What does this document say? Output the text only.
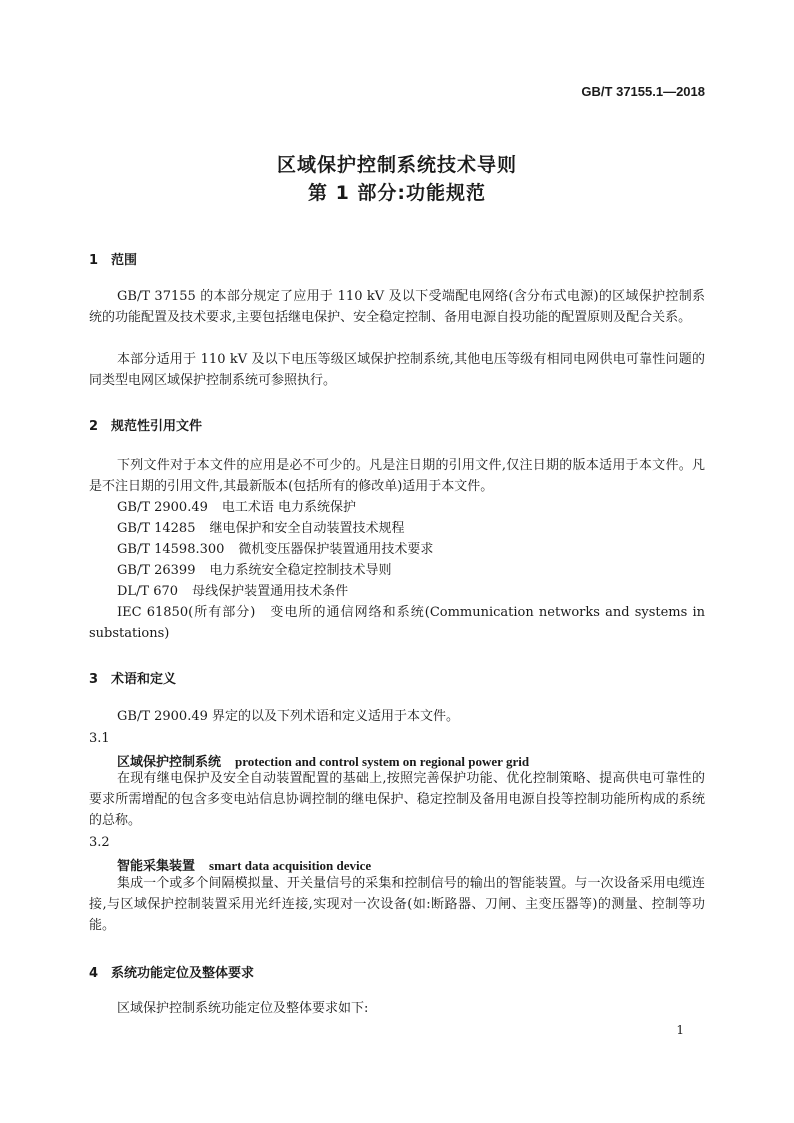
GB/T 37155.1—2018
区域保护控制系统技术导则
第 1 部分:功能规范
1 范围

GB/T 37155 的本部分规定了应用于 110 kV 及以下受端配电网络(含分布式电源)的区域保护控制系统的功能配置及技术要求,主要包括继电保护、安全稳定控制、备用电源自投功能的配置原则及配合关系。

本部分适用于 110 kV 及以下电压等级区域保护控制系统,其他电压等级有相同电网供电可靠性问题的同类型电网区域保护控制系统可参照执行。

2 规范性引用文件

下列文件对于本文件的应用是必不可少的。凡是注日期的引用文件,仅注日期的版本适用于本文件。凡是不注日期的引用文件,其最新版本(包括所有的修改单)适用于本文件。

GB/T 2900.49 电工术语 电力系统保护
GB/T 14285 继电保护和安全自动装置技术规程
GB/T 14598.300 微机变压器保护装置通用技术要求
GB/T 26399 电力系统安全稳定控制技术导则
DL/T 670 母线保护装置通用技术条件

IEC 61850(所有部分)　变电所的通信网络和系统(Communication networks and systems in substations)

3 术语和定义

GB/T 2900.49 界定的以及下列术语和定义适用于本文件。

3.1
区域保护控制系统 protection and control system on regional power grid

在现有继电保护及安全自动装置配置的基础上,按照完善保护功能、优化控制策略、提高供电可靠性的要求所需增配的包含多变电站信息协调控制的继电保护、稳定控制及备用电源自投等控制功能所构成的系统的总称。

3.2
智能采集装置 smart data acquisition device

集成一个或多个间隔模拟量、开关量信号的采集和控制信号的输出的智能装置。与一次设备采用电缆连接,与区域保护控制装置采用光纤连接,实现对一次设备(如:断路器、刀闸、主变压器等)的测量、控制等功能。

4 系统功能定位及整体要求

区域保护控制系统功能定位及整体要求如下:

1
